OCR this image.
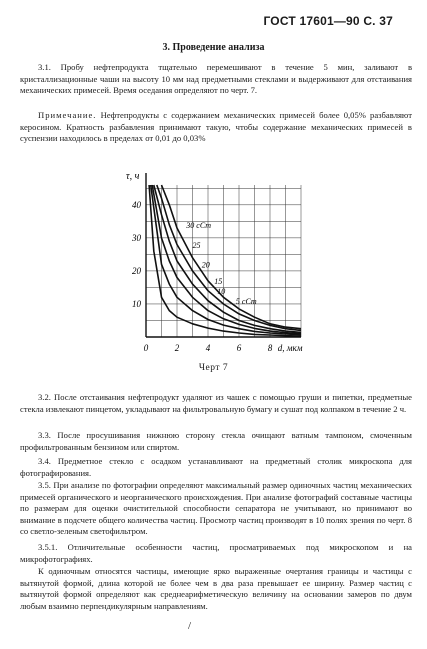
ГОСТ 17601—90 С. 37
3. Проведение анализа

3.1. Пробу нефтепродукта тщательно перемешивают в течение 5 мин, заливают в кристаллизационные чаши на высоту 10 мм над предметными стеклами и выдерживают для отстаивания механических примесей. Время оседания определяют по черт. 7.

Примечание. Нефтепродукты с содержанием механических примесей более 0,05% разбавляют керосином. Кратность разбавления принимают такую, чтобы содержание механических примесей в суспензии находилось в пределах от 0,01 до 0,03%

0	2	4	6	8
10
20
30
40
d, мкм
τ, ч
30 сСт
25
20
15
10
5 сСт
Черт 7

3.2. После отстаивания нефтепродукт удаляют из чашек с помощью груши и пипетки, предметные стекла извлекают пинцетом, укладывают на фильтровальную бумагу и сушат под колпаком в течение 2 ч.

3.3. После просушивания нижнюю сторону стекла очищают ватным тампоном, смоченным профильтрованным бензином или спиртом.

3.4. Предметное стекло с осадком устанавливают на предметный столик микроскопа для фотографирования.

3.5. При анализе по фотографии определяют максимальный размер одиночных частиц механических примесей органического и неорганического происхождения. При анализе фотографий составные частицы по размерам для оценки очистительной способности сепаратора не учитывают, но принимают во внимание в подсчете общего количества частиц. Просмотр частиц производят в 10 полях зрения по черт. 8 со светло-зеленым светофильтром.

3.5.1. Отличительные особенности частиц, просматриваемых под микроскопом и на микрофотографиях.

К одиночным относятся частицы, имеющие ярко выраженные очертания границы и частицы с вытянутой формой, длина которой не более чем в два раза превышает ее ширину. Размер частиц с вытянутой формой определяют как среднеарифметическую величину на основании замеров по двум любым взаимно перпендикулярным направлениям.

/
